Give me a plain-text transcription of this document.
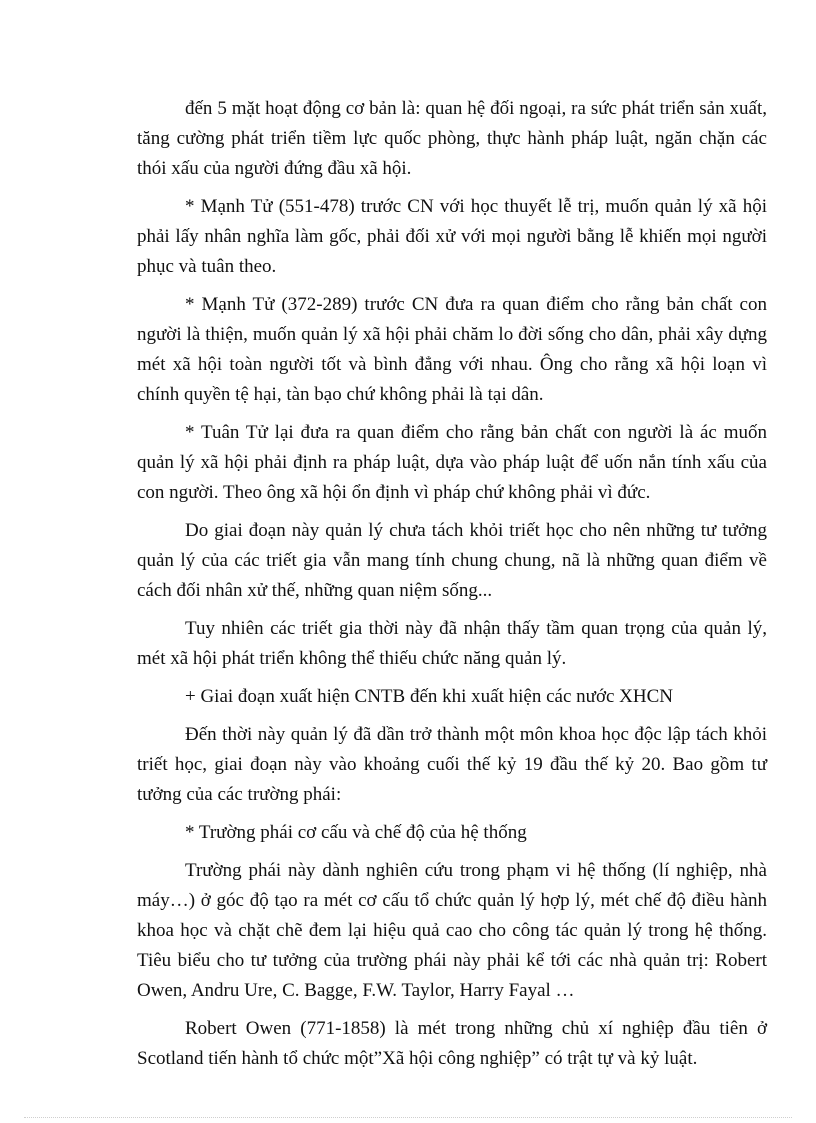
đến 5 mặt hoạt động cơ bản là: quan hệ đối ngoại, ra sức phát triển sản xuất, tăng cường phát triển tiềm lực quốc phòng, thực hành pháp luật, ngăn chặn các thói xấu của người đứng đầu xã hội.

* Mạnh Tử (551-478) trước CN với học thuyết lễ trị, muốn quản lý xã hội phải lấy nhân nghĩa làm gốc, phải đối xử với mọi người bằng lễ khiến mọi người phục và tuân theo.

* Mạnh Tử (372-289) trước CN đưa ra quan điểm cho rằng bản chất con người là thiện, muốn quản lý xã hội phải chăm lo đời sống cho dân, phải xây dựng mét xã hội toàn người tốt và bình đẳng với nhau. Ông cho rằng xã hội loạn vì chính quyền tệ hại, tàn bạo chứ không phải là tại dân.

* Tuân Tử lại đưa ra quan điểm cho rằng bản chất con người là ác muốn quản lý xã hội phải định ra pháp luật, dựa vào pháp luật để uốn nắn tính xấu của con người. Theo ông xã hội ổn định vì pháp chứ không phải vì đức.

Do giai đoạn này quản lý chưa tách khỏi triết học cho nên những tư tưởng quản lý của các triết gia vẫn mang tính chung chung, nã là những quan điểm về cách đối nhân xử thế, những quan niệm sống...

Tuy nhiên các triết gia thời này đã nhận thấy tầm quan trọng của quản lý, mét xã hội phát triển không thể thiếu chức năng quản lý.

+ Giai đoạn xuất hiện CNTB đến khi xuất hiện các nước XHCN

Đến thời này quản lý đã dần trở thành một môn khoa học độc lập tách khỏi triết học, giai đoạn này vào khoảng cuối thế kỷ 19 đầu thế kỷ 20. Bao gồm tư tưởng của các trường phái:

* Trường phái cơ cấu và chế độ của hệ thống

Trường phái này dành nghiên cứu trong phạm vi hệ thống (lí nghiệp, nhà máy…) ở góc độ tạo ra mét cơ cấu tổ chức quản lý hợp lý, mét chế độ điều hành khoa học và chặt chẽ đem lại hiệu quả cao cho công tác quản lý trong hệ thống. Tiêu biểu cho tư tưởng của trường phái này phải kể tới các nhà quản trị: Robert Owen, Andru Ure, C. Bagge, F.W. Taylor, Harry Fayal …

Robert Owen (771-1858) là mét trong những chủ xí nghiệp đầu tiên ở Scotland tiến hành tổ chức một”Xã hội công nghiệp” có trật tự và kỷ luật.
